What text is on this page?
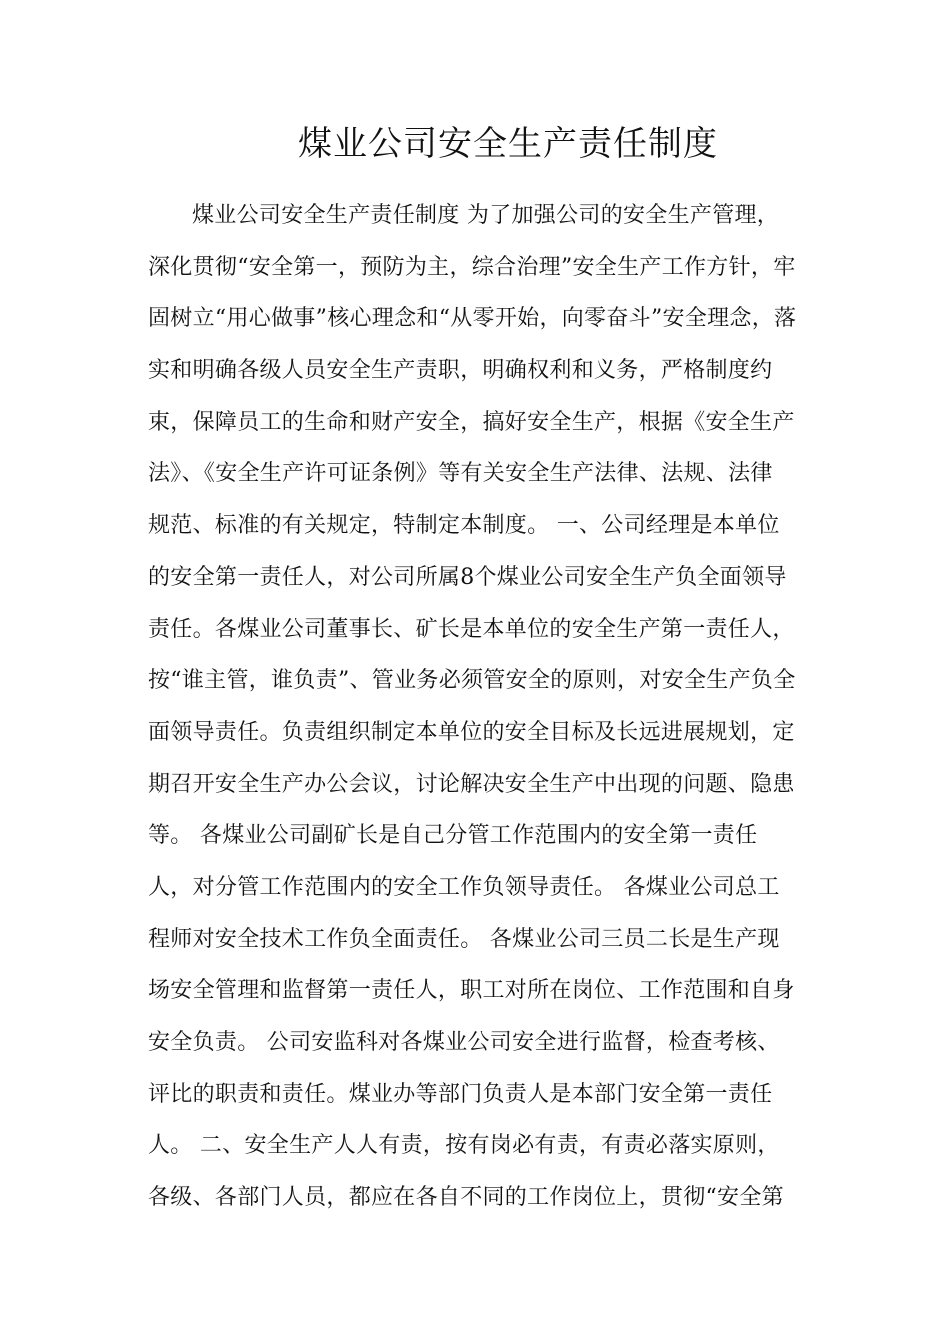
煤业公司安全生产责任制度
煤业公司安全生产责任制度 为了加强公司的安全生产管理，
深化贯彻“安全第一，预防为主，综合治理”安全生产工作方针，牢
固树立“用心做事”核心理念和“从零开始，向零奋斗”安全理念，落
实和明确各级人员安全生产责职，明确权利和义务，严格制度约
束，保障员工的生命和财产安全，搞好安全生产，根据《安全生产
法》、《安全生产许可证条例》等有关安全生产法律、法规、法律
规范、标准的有关规定，特制定本制度。 一、公司经理是本单位
的安全第一责任人，对公司所属8个煤业公司安全生产负全面领导
责任。各煤业公司董事长、矿长是本单位的安全生产第一责任人，
按“谁主管，谁负责”、管业务必须管安全的原则，对安全生产负全
面领导责任。负责组织制定本单位的安全目标及长远进展规划，定
期召开安全生产办公会议，讨论解决安全生产中出现的问题、隐患
等。 各煤业公司副矿长是自己分管工作范围内的安全第一责任
人，对分管工作范围内的安全工作负领导责任。 各煤业公司总工
程师对安全技术工作负全面责任。 各煤业公司三员二长是生产现
场安全管理和监督第一责任人，职工对所在岗位、工作范围和自身
安全负责。 公司安监科对各煤业公司安全进行监督，检查考核、
评比的职责和责任。煤业办等部门负责人是本部门安全第一责任
人。 二、安全生产人人有责，按有岗必有责，有责必落实原则，
各级、各部门人员，都应在各自不同的工作岗位上，贯彻“安全第
